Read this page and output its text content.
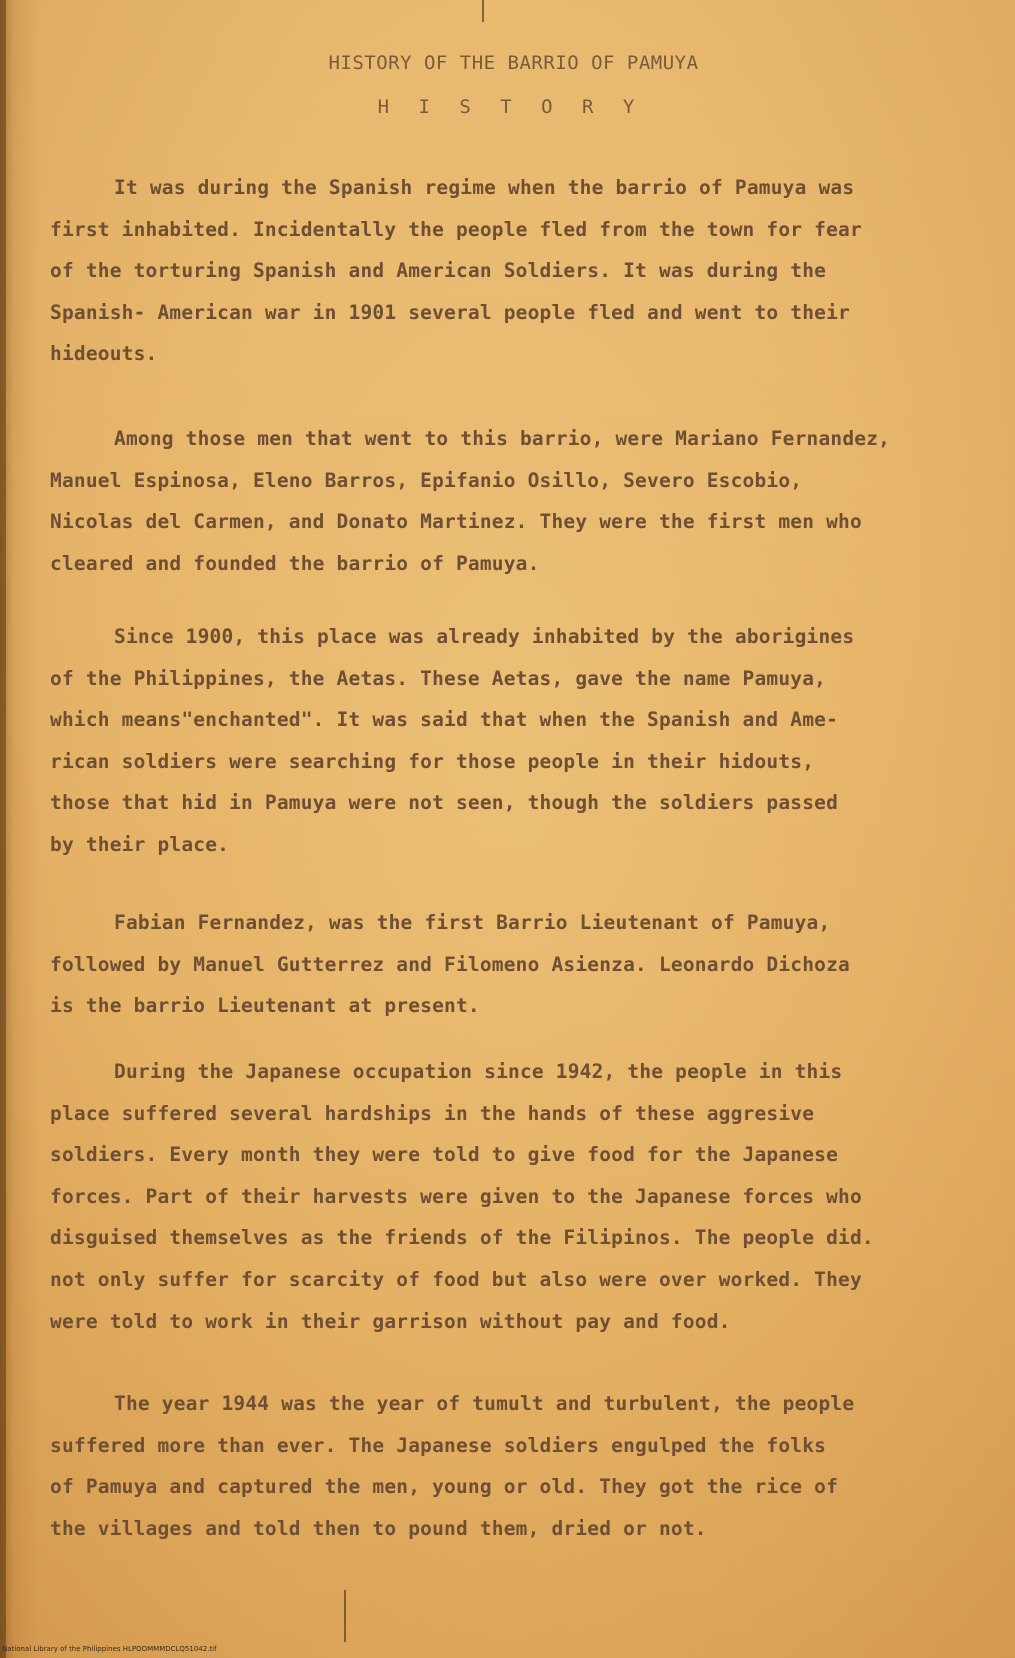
HISTORY OF THE BARRIO OF PAMUYA
H I S T O R Y
It was during the Spanish regime when the barrio of Pamuya was
first inhabited. Incidentally the people fled from the town for fear
of the torturing Spanish and American Soldiers. It was during the
Spanish- American war in 1901 several people fled and went to their
hideouts.
Among those men that went to this barrio, were Mariano Fernandez,
Manuel Espinosa, Eleno Barros, Epifanio Osillo, Severo Escobio,
Nicolas del Carmen, and Donato Martinez. They were the first men who
cleared and founded the barrio of Pamuya.
Since 1900, this place was already inhabited by the aborigines
of the Philippines, the Aetas. These Aetas, gave the name Pamuya,
which means"enchanted". It was said that when the Spanish and Ame-
rican soldiers were searching for those people in their hidouts,
those that hid in Pamuya were not seen, though the soldiers passed
by their place.
Fabian Fernandez, was the first Barrio Lieutenant of Pamuya,
followed by Manuel Gutterrez and Filomeno Asienza. Leonardo Dichoza
is the barrio Lieutenant at present.
During the Japanese occupation since 1942, the people in this
place suffered several hardships in the hands of these aggresive
soldiers. Every month they were told to give food for the Japanese
forces. Part of their harvests were given to the Japanese forces who
disguised themselves as the friends of the Filipinos. The people did.
not only suffer for scarcity of food but also were over worked. They
were told to work in their garrison without pay and food.
The year 1944 was the year of tumult and turbulent, the people
suffered more than ever. The Japanese soldiers engulped the folks
of Pamuya and captured the men, young or old. They got the rice of
the villages and told then to pound them, dried or not.
National Library of the Philippines HLPOOMMMDCLQ51042.tif
